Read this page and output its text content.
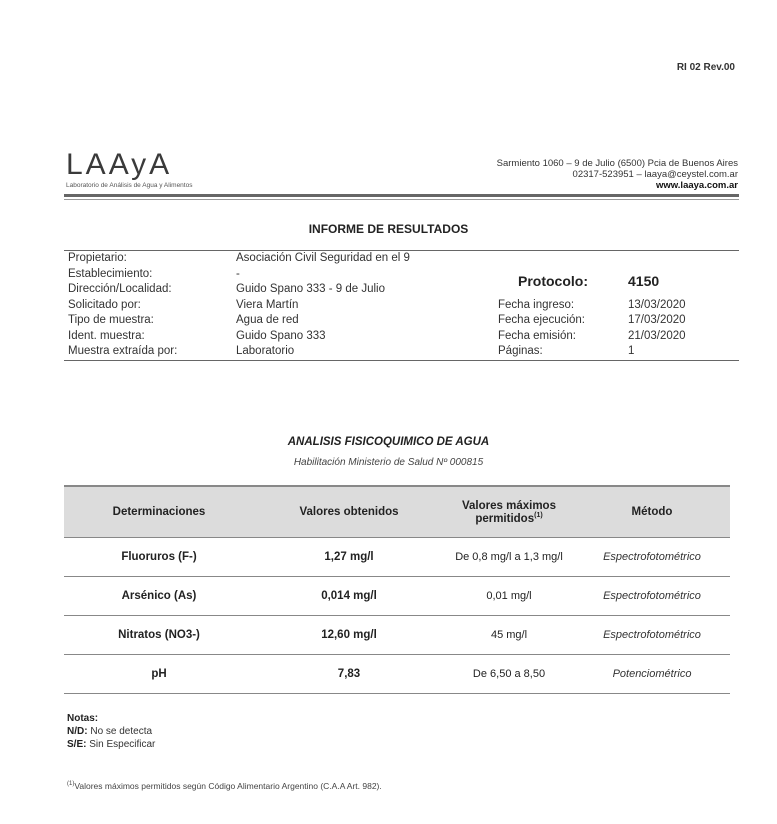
RI 02 Rev.00
LAAyA
Laboratorio de Análisis de Agua y Alimentos
Sarmiento 1060 – 9 de Julio (6500) Pcia de Buenos Aires
02317-523951 – laaya@ceystel.com.ar
www.laaya.com.ar
INFORME DE RESULTADOS
Propietario:	Asociación Civil Seguridad en el 9
Establecimiento:	-
Dirección/Localidad:	Guido Spano 333 - 9 de Julio
Solicitado por:	Viera Martín	Fecha ingreso:	13/03/2020
Tipo de muestra:	Agua de red	Fecha ejecución:	17/03/2020
Ident. muestra:	Guido Spano 333	Fecha emisión:	21/03/2020
Muestra extraída por:	Laboratorio	Páginas:	1
Protocolo:	4150
ANALISIS FISICOQUIMICO DE AGUA
Habilitación Ministerio de Salud Nº 000815
Determinaciones	Valores obtenidos	Valores máximos permitidos$^{(1)}$	Método
Fluoruros (F-)	1,27 mg/l	De 0,8 mg/l a 1,3 mg/l	Espectrofotométrico
Arsénico (As)	0,014 mg/l	0,01 mg/l	Espectrofotométrico
Nitratos (NO3-)	12,60 mg/l	45 mg/l	Espectrofotométrico
pH	7,83	De 6,50 a 8,50	Potenciométrico
Notas:
N/D: No se detecta
S/E: Sin Especificar
$^{(1)}$Valores máximos permitidos según Código Alimentario Argentino (C.A.A Art. 982).
